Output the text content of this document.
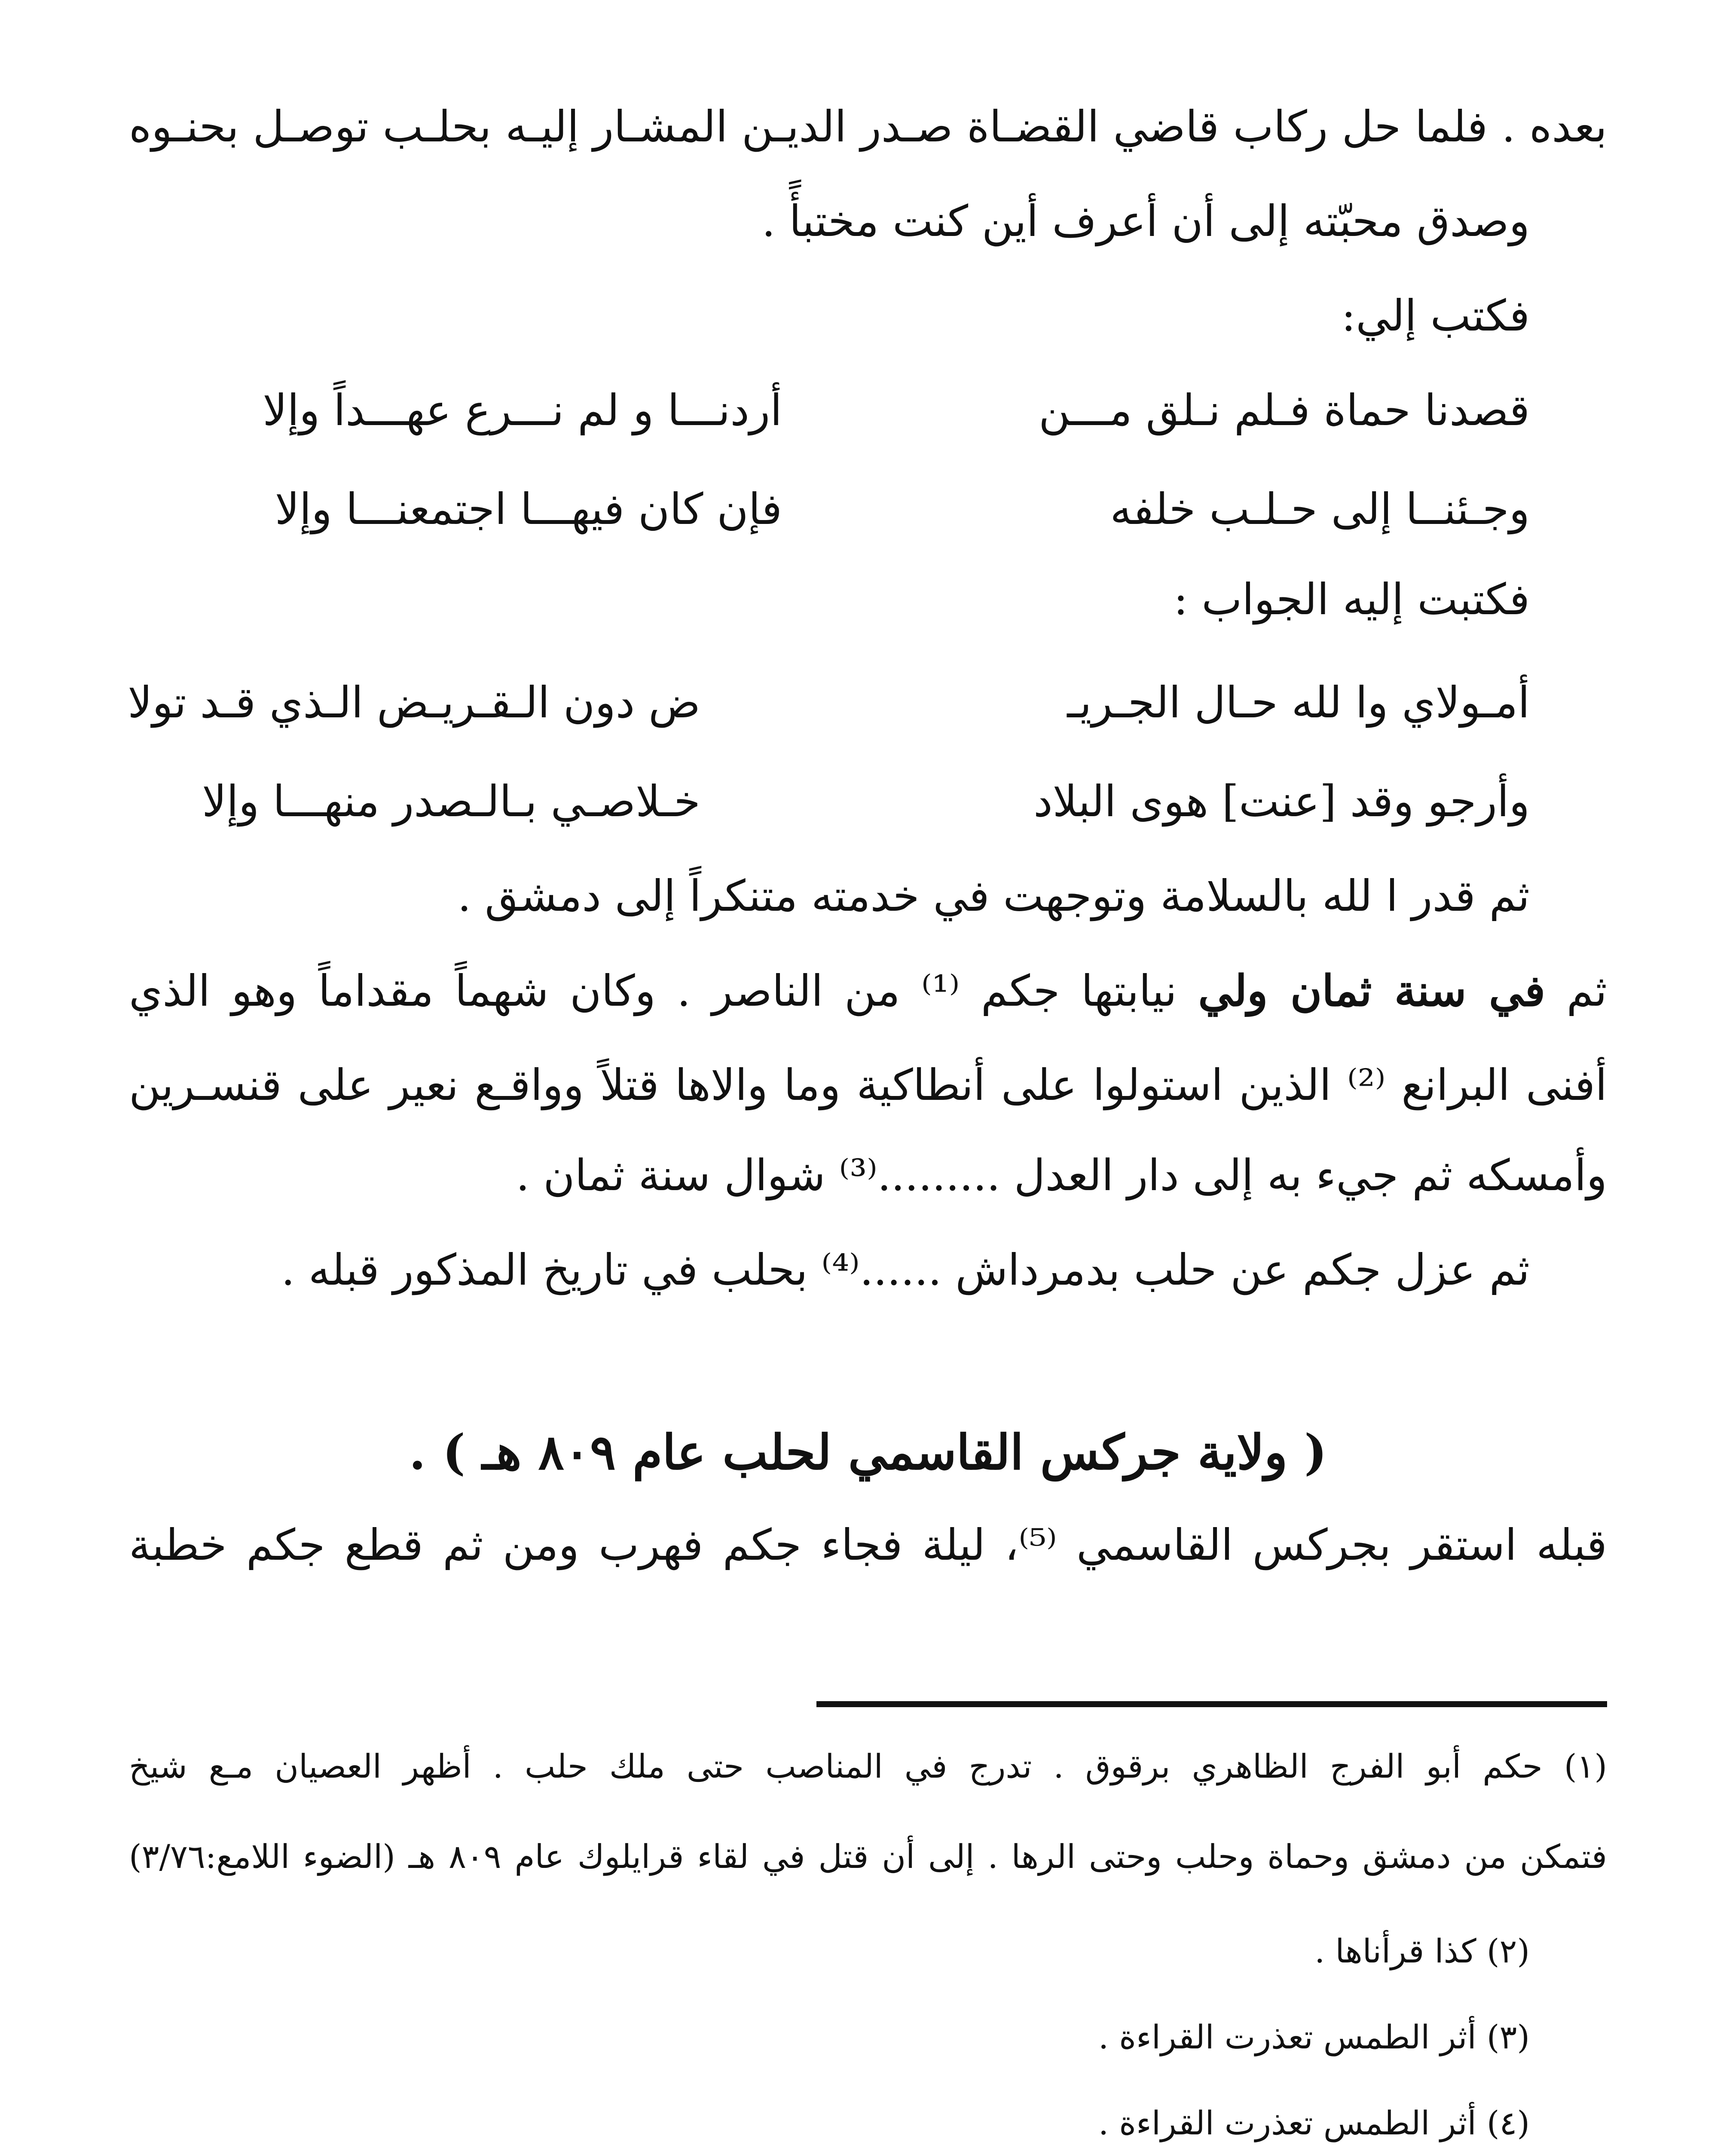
بعده . فلما حل ركاب قاضي القضـاة صـدر الديـن المشـار إليـه بحلـب توصـل بحنـوه
وصدق محبّته إلى أن أعرف أين كنت مختبأً .
فكتب إلي:
قصدنا حماة فـلم نـلق مـــن
أردنـــا و لم نـــرع عهـــداً وإلا
وجـئنــا إلى حـلـب خلفه
فإن كان فيهـــا اجتمعنـــا وإلا
فكتبت إليه الجواب :
أمـولاي وا لله حـال الجـريـ
ض دون الـقـريـض الـذي قـد تولا
وأرجو وقد [عنت] هوى البلاد
خـلاصـي بـالـصدر منهـــا وإلا
ثم قدر ا لله بالسلامة وتوجهت في خدمته متنكراً إلى دمشق .
ثم في سنة ثمان ولي نيابتها جكم ⁽¹⁾ من الناصر . وكان شهماً مقداماً وهو الذي
أفنى البرانع ⁽²⁾ الذين استولوا على أنطاكية وما والاها قتلاً وواقـع نعير على قنسـرين
وأمسكه ثم جيء به إلى دار العدل .........⁽³⁾ شوال سنة ثمان .
ثم عزل جكم عن حلب بدمرداش ......⁽⁴⁾ بحلب في تاريخ المذكور قبله .
( ولاية جركس القاسمي لحلب عام ٨٠٩ هـ ) .
قبله استقر بجركس القاسمي ⁽⁵⁾، ليلة فجاء جكم فهرب ومن ثم قطع جكم خطبة
(١) حكم أبو الفرج الظاهري برقوق . تدرج في المناصب حتى ملك حلب . أظهر العصيان مـع شيخ
فتمكن من دمشق وحماة وحلب وحتى الرها . إلى أن قتل في لقاء قرايلوك عام ٨٠٩ هـ (الضوء اللامع:٣/٧٦)
(٢) كذا قرأناها .
(٣) أثر الطمس تعذرت القراءة .
(٤) أثر الطمس تعذرت القراءة .
